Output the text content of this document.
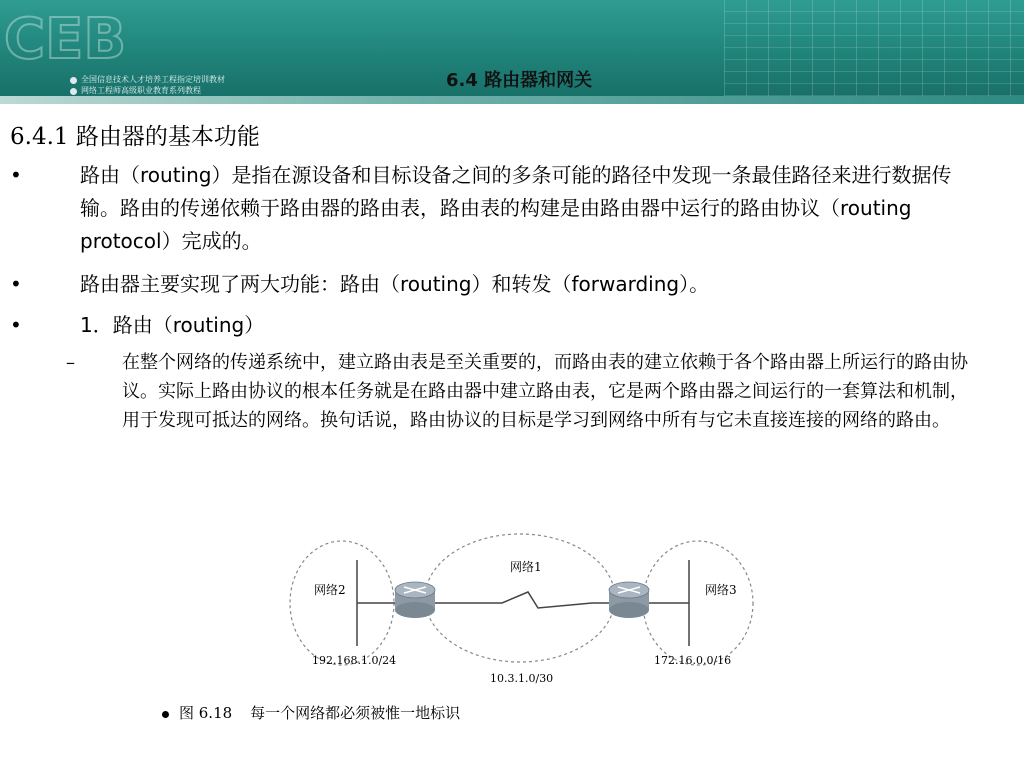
CEB
全国信息技术人才培养工程指定培训教材
网络工程师高级职业教育系列教程	6.4 路由器和网关
6.4.1 路由器的基本功能
•	路由（routing）是指在源设备和目标设备之间的多条可能的路径中发现一条最佳路径来进行数据传输。路由的传递依赖于路由器的路由表，路由表的构建是由路由器中运行的路由协议（routing protocol）完成的。
•	路由器主要实现了两大功能：路由（routing）和转发（forwarding）。
•	1．路由（routing）
–	在整个网络的传递系统中，建立路由表是至关重要的，而路由表的建立依赖于各个路由器上所运行的路由协议。实际上路由协议的根本任务就是在路由器中建立路由表，它是两个路由器之间运行的一套算法和机制，用于发现可抵达的网络。换句话说，路由协议的目标是学习到网络中所有与它未直接连接的网络的路由。
网络2
网络1
网络3
192.168.1.0/24
10.3.1.0/30
172.16.0.0/16
图 6.18 每一个网络都必须被惟一地标识
